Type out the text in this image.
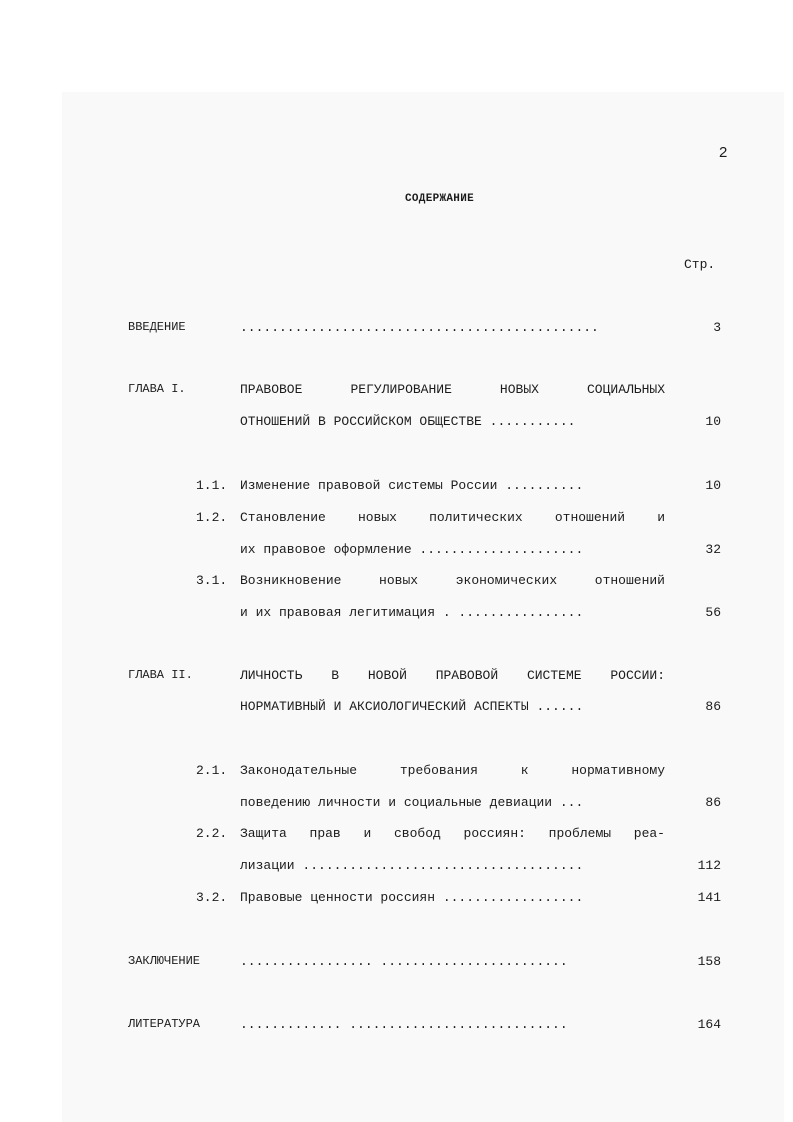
2
СОДЕРЖАНИЕ
Стр.
ВВЕДЕНИЕ	..............................................	3
ГЛАВА I.	ПРАВОВОЕ РЕГУЛИРОВАНИЕ НОВЫХ СОЦИАЛЬНЫХ
ОТНОШЕНИЙ В РОССИЙСКОМ ОБЩЕСТВЕ ...........	10
1.1. Изменение правовой системы России ..........	10
1.2. Становление новых политических отношений и
их правовое оформление .....................	32
3.1. Возникновение новых экономических отношений
и их правовая легитимация . ................	56
ГЛАВА II.	ЛИЧНОСТЬ В НОВОЙ ПРАВОВОЙ СИСТЕМЕ РОССИИ:
НОРМАТИВНЫЙ И АКСИОЛОГИЧЕСКИЙ АСПЕКТЫ ......	86
2.1. Законодательные требования к нормативному
поведению личности и социальные девиации ...	86
2.2. Защита прав и свобод россиян: проблемы реа-
лизации ....................................	112
3.2. Правовые ценности россиян ..................	141
ЗАКЛЮЧЕНИЕ	................. ........................	158
ЛИТЕРАТУРА	............. ............................	164
